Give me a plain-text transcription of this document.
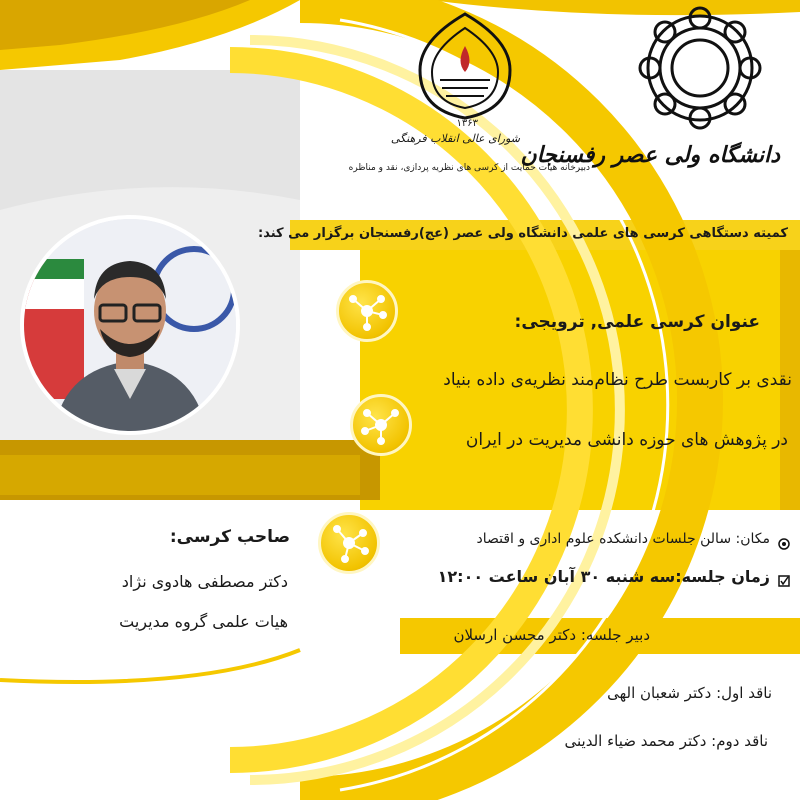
دانشگاه ولی عصر رفسنجان
۱۳۶۳
شورای عالی انقلاب فرهنگی
دبیرخانه هیأت حمایت از کرسی های نظریه پردازی، نقد و مناظره
کمیته دستگاهی کرسی های علمی دانشگاه ولی عصر (عج)رفسنجان برگزار می کند:
عنوان کرسی علمی, ترویجی:
نقدی بر کاربست طرح نظام‌مند نظریه‌ی داده بنیاد
در پژوهش های حوزه دانشی مدیریت در ایران
مکان: سالن جلسات دانشکده علوم اداری و اقتصاد
زمان جلسه:سه شنبه ۳۰ آبان ساعت ۱۲:۰۰
دبیر جلسه: دکتر محسن ارسلان
ناقد اول: دکتر شعبان الهی
ناقد دوم: دکتر محمد ضیاء الدینی
صاحب کرسی:
دکتر مصطفی هادوی نژاد
هیات علمی گروه مدیریت
